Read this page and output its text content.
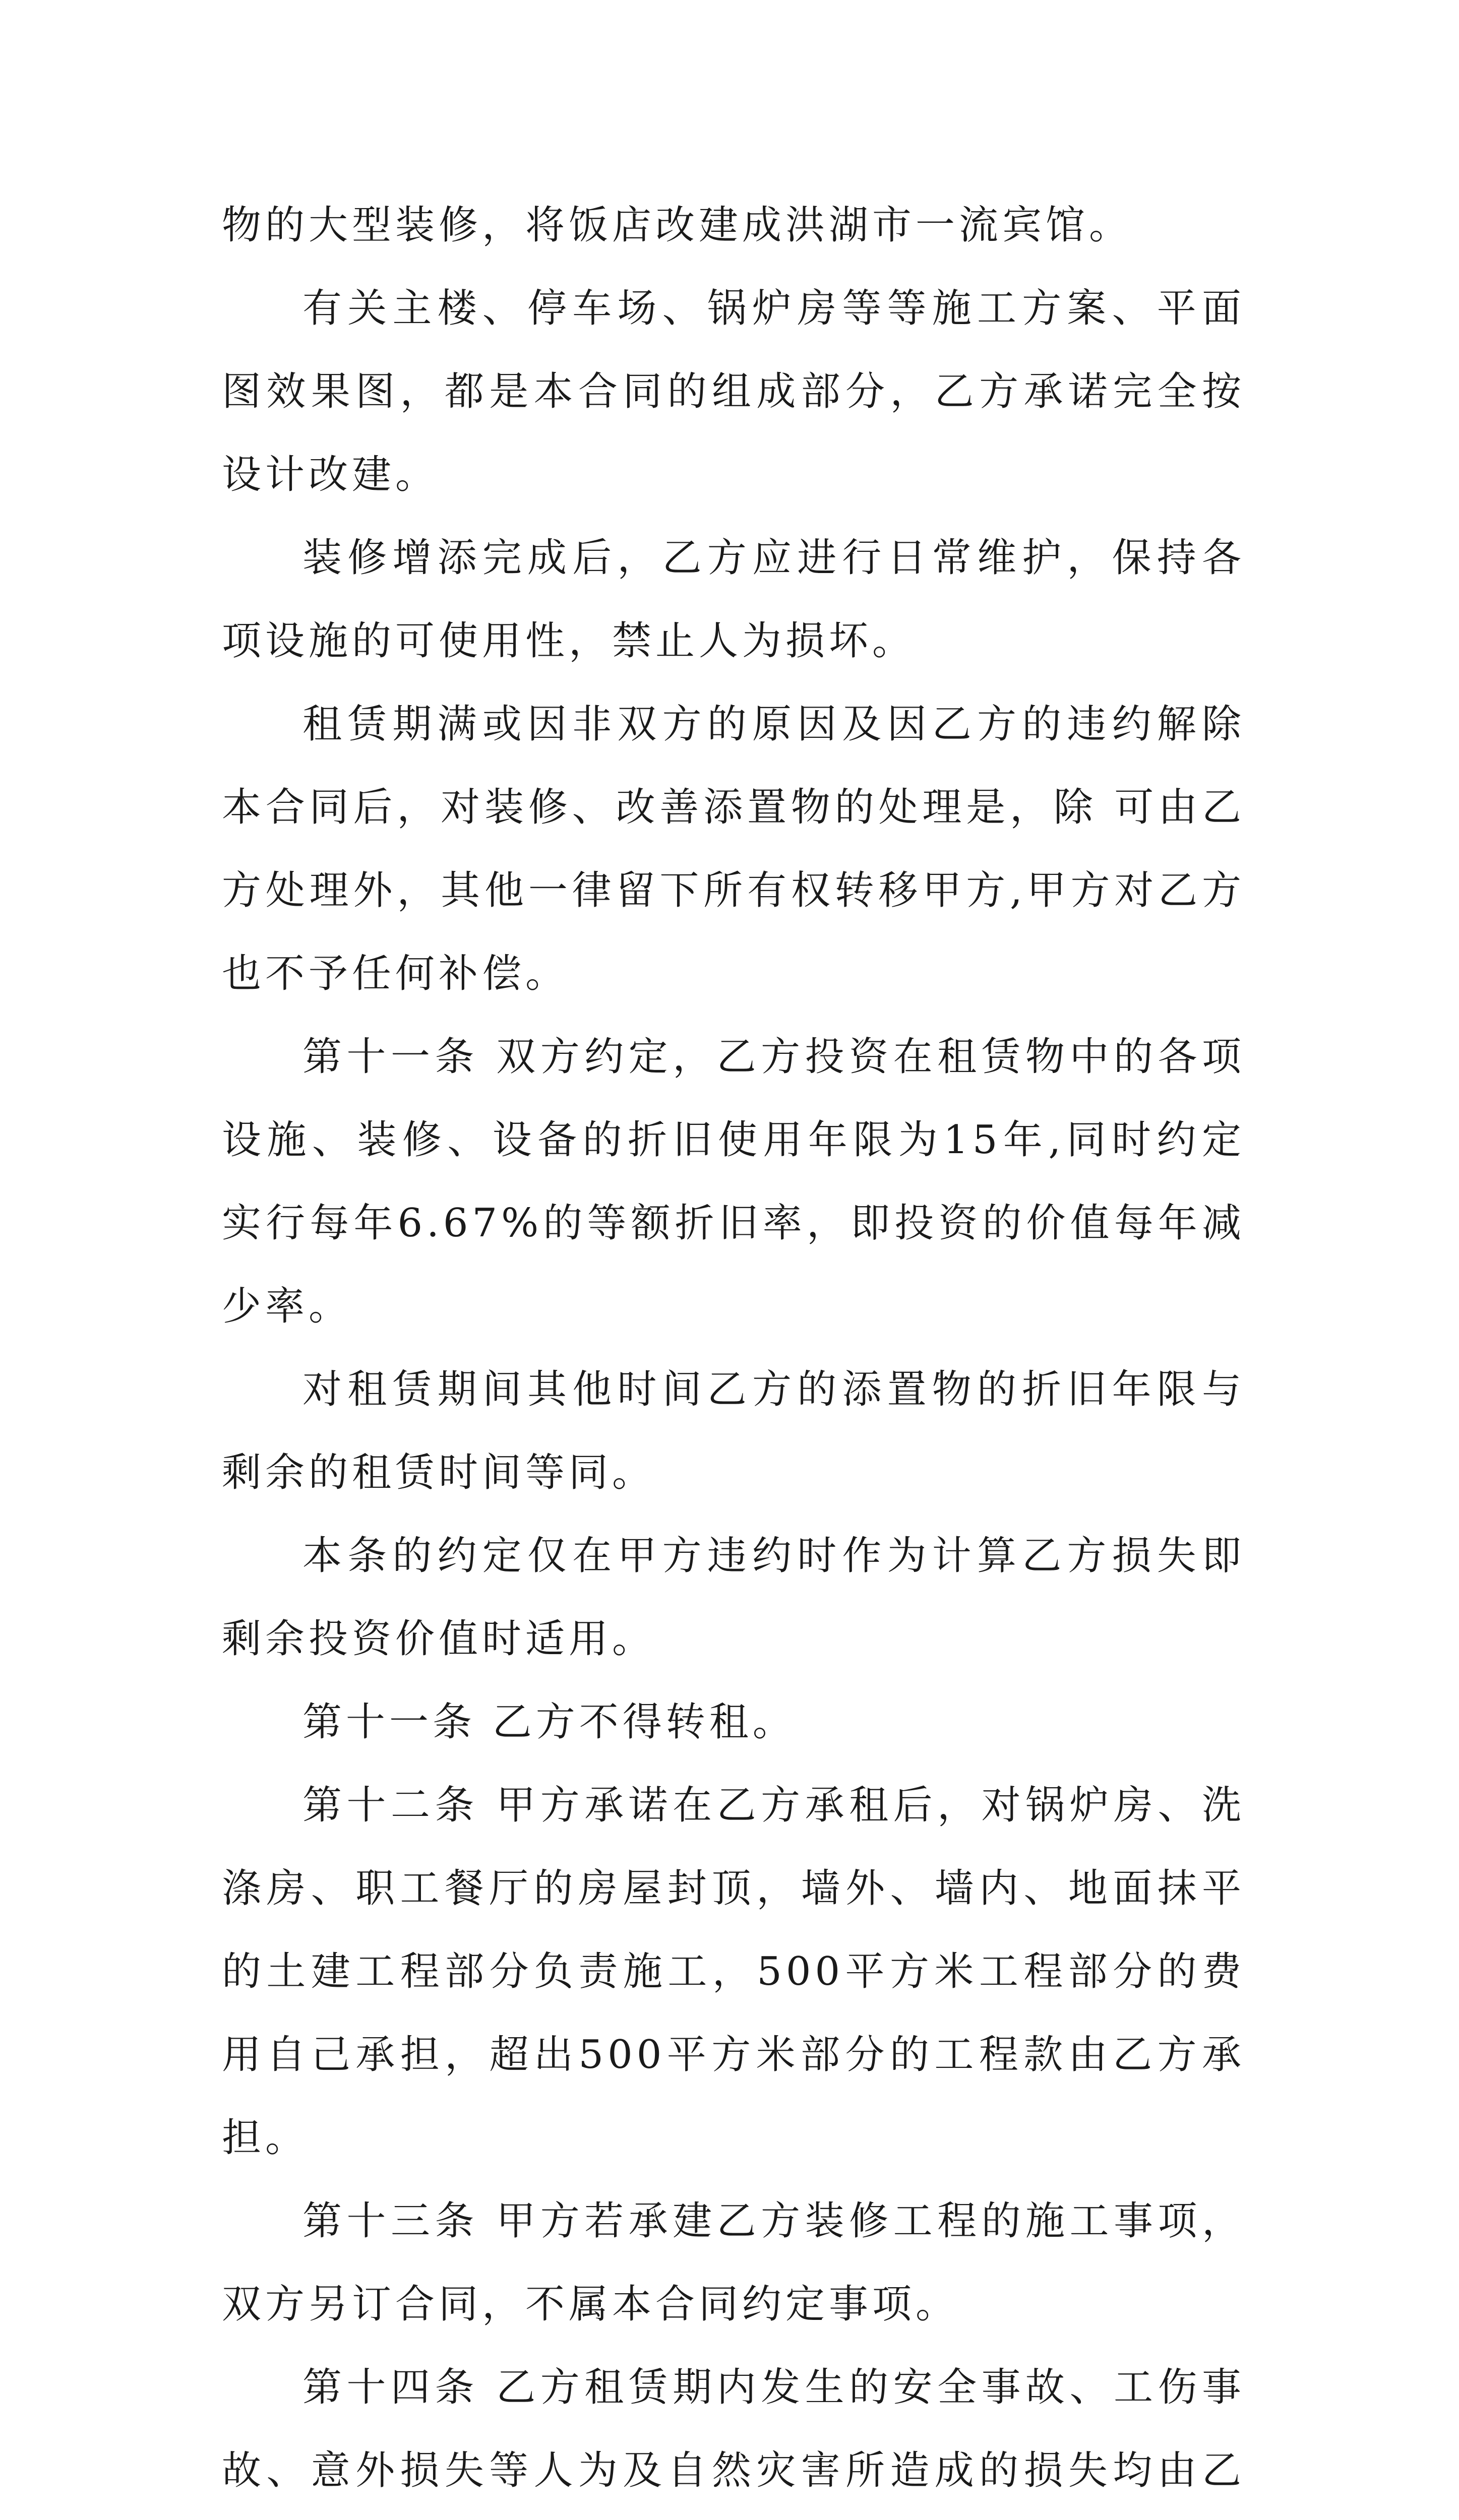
物的大型装修，将饭店改建成洪湖市一流宾馆。

有关主楼、停车场、锅炉房等等施工方案、平面图效果图，都是本合同的组成部分，乙方承诺完全按设计改建。

装修增添完成后，乙方应进行日常维护，保持各项设施的可使用性，禁止人为损坏。

租赁期满或因非双方的原因及因乙方的违约解除本合同后，对装修、改善添置物的处理是，除 可由乙方处理外，其他一律留下所有权转移甲方,甲方对乙方也不予任何补偿。

第十一条 双方约定，乙方投资在租赁物中的各项设施、装修、设备的折旧使用年限为15年,同时约定实行每年6.67%的等额折旧率，即投资的价值每年减少率。

对租赁期间其他时间乙方的添置物的折旧年限与剩余的租赁时间等同。

本条的约定仅在甲方违约时作为计算乙方损失即剩余投资价值时适用。

第十一条 乙方不得转租。

第十二条 甲方承诺在乙方承租后，对锅炉房、洗涤房、职工餐厅的房屋封顶，墙外、墙内、地面抹平的土建工程部分负责施工，500平方米工程部分的费用自己承担，超出500平方米部分的工程款由乙方承担。

第十三条 甲方若承建乙方装修工程的施工事项，双方另订合同，不属本合同约定事项。

第十四条 乙方租赁期内发生的安全事故、工伤事故、意外损失等人为及自然灾害所造成的损失均由乙
